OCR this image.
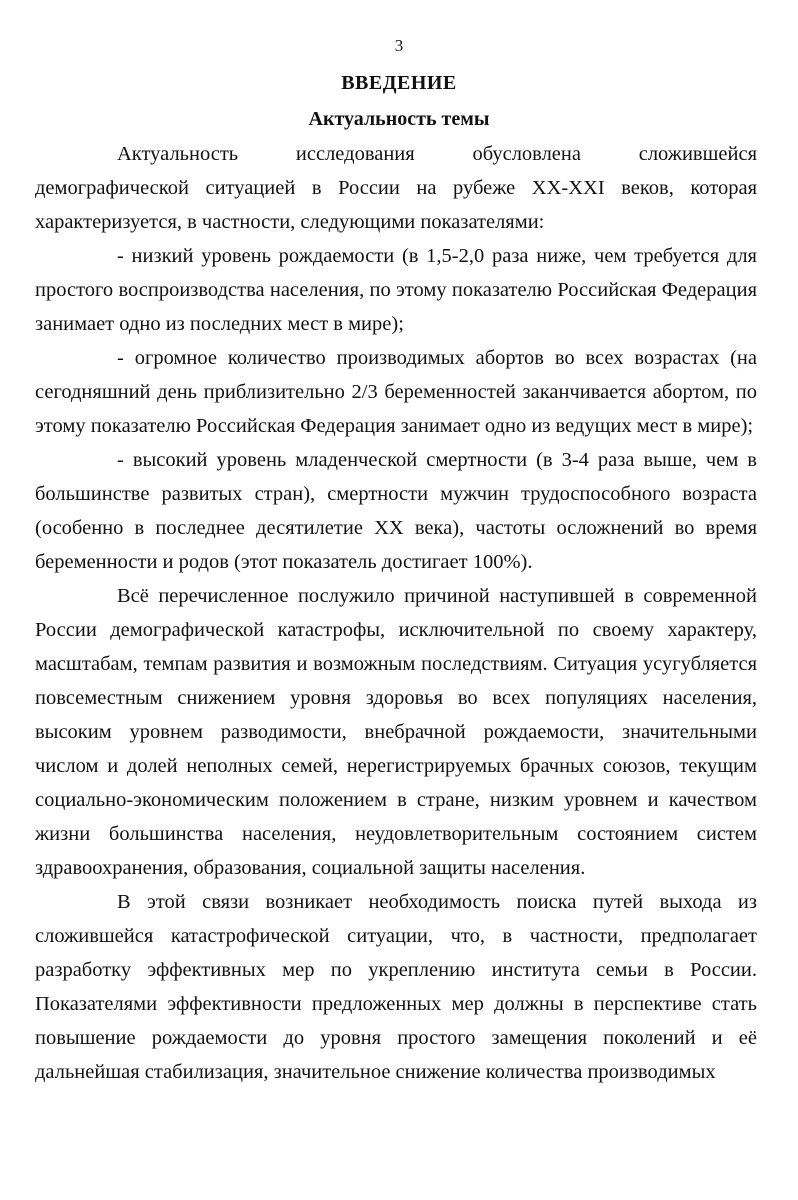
3
ВВЕДЕНИЕ
Актуальность темы

Актуальность исследования обусловлена сложившейся демографической ситуацией в России на рубеже XX-XXI веков, которая характеризуется, в частности, следующими показателями:

- низкий уровень рождаемости (в 1,5-2,0 раза ниже, чем требуется для простого воспроизводства населения, по этому показателю Российская Федерация занимает одно из последних мест в мире);

- огромное количество производимых абортов во всех возрастах (на сегодняшний день приблизительно 2/3 беременностей заканчивается абортом, по этому показателю Российская Федерация занимает одно из ведущих мест в мире);

- высокий уровень младенческой смертности (в 3-4 раза выше, чем в большинстве развитых стран), смертности мужчин трудоспособного возраста (особенно в последнее десятилетие XX века), частоты осложнений во время беременности и родов (этот показатель достигает 100%).

Всё перечисленное послужило причиной наступившей в современной России демографической катастрофы, исключительной по своему характеру, масштабам, темпам развития и возможным последствиям. Ситуация усугубляется повсеместным снижением уровня здоровья во всех популяциях населения, высоким уровнем разводимости, внебрачной рождаемости, значительными числом и долей неполных семей, нерегистрируемых брачных союзов, текущим социально-экономическим положением в стране, низким уровнем и качеством жизни большинства населения, неудовлетворительным состоянием систем здравоохранения, образования, социальной защиты населения.

В этой связи возникает необходимость поиска путей выхода из сложившейся катастрофической ситуации, что, в частности, предполагает разработку эффективных мер по укреплению института семьи в России. Показателями эффективности предложенных мер должны в перспективе стать повышение рождаемости до уровня простого замещения поколений и её дальнейшая стабилизация, значительное снижение количества производимых
